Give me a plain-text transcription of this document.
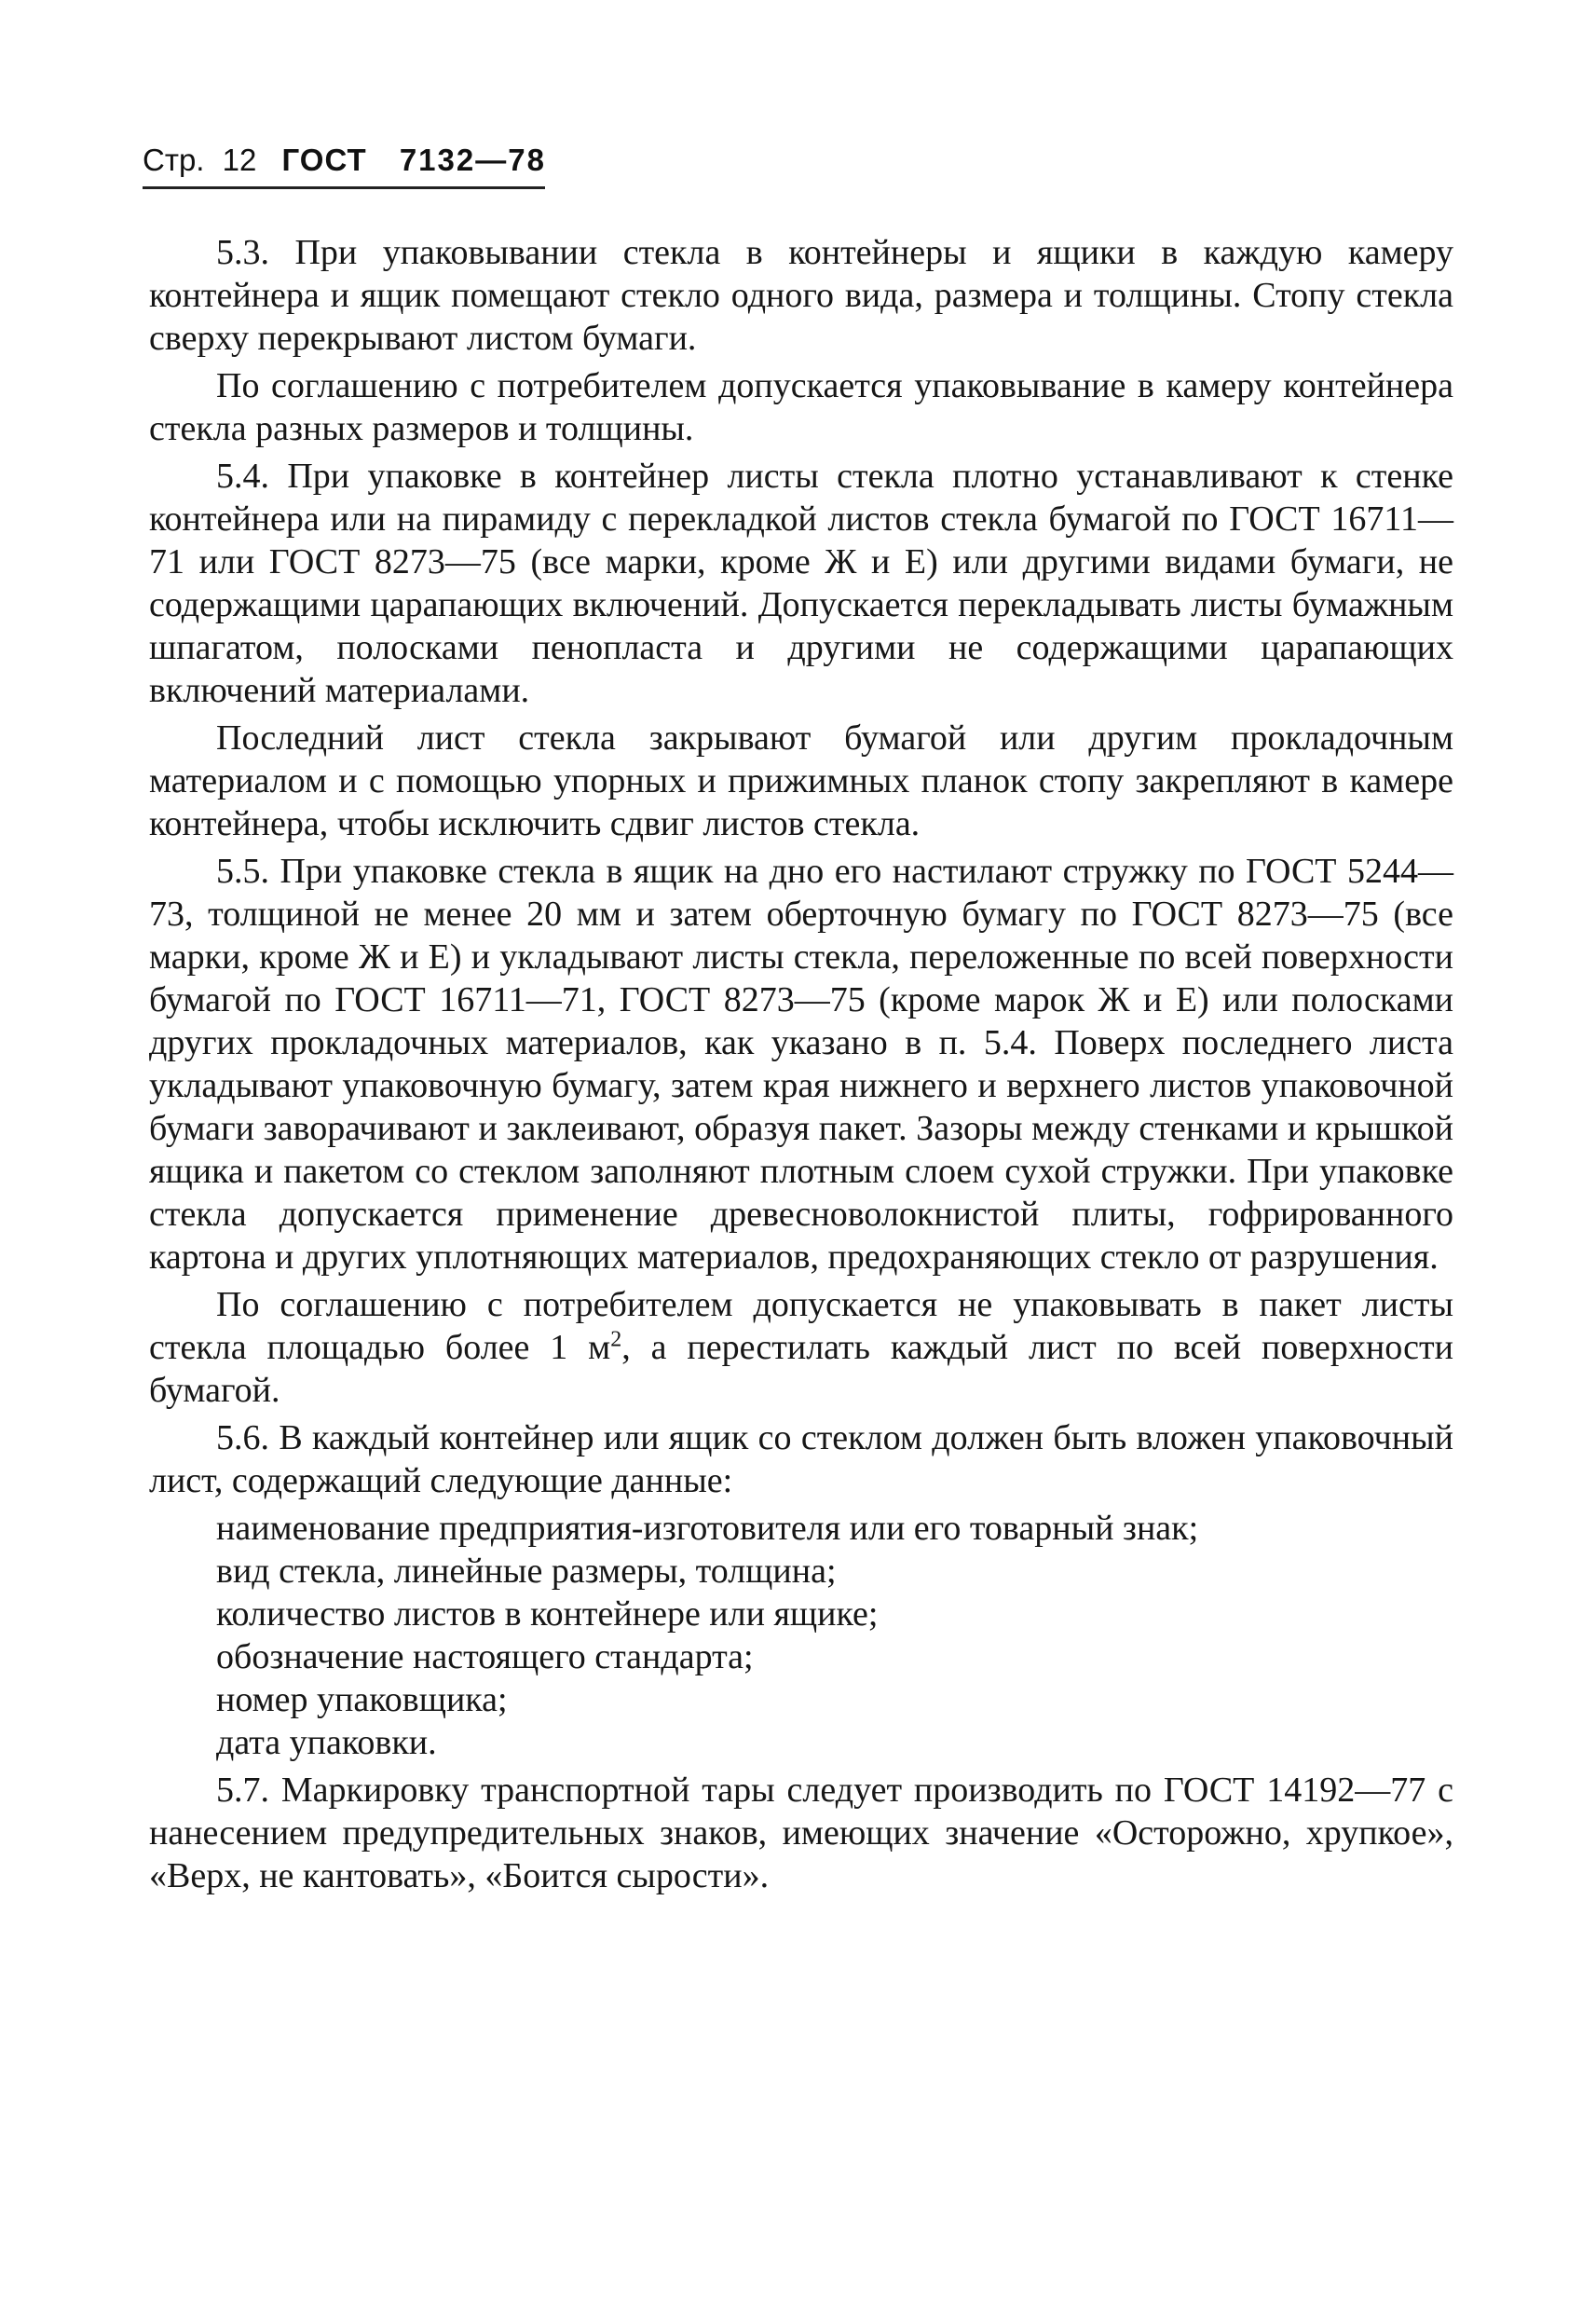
Стр. 12 ГОСТ 7132—78

5.3. При упаковывании стекла в контейнеры и ящики в каждую камеру контейнера и ящик помещают стекло одного вида, размера и толщины. Стопу стекла сверху перекрывают листом бумаги.

По соглашению с потребителем допускается упаковывание в камеру контейнера стекла разных размеров и толщины.

5.4. При упаковке в контейнер листы стекла плотно устанавливают к стенке контейнера или на пирамиду с перекладкой листов стекла бумагой по ГОСТ 16711—71 или ГОСТ 8273—75 (все марки, кроме Ж и Е) или другими видами бумаги, не содержащими царапающих включений. Допускается перекладывать листы бумажным шпагатом, полосками пенопласта и другими не содержащими царапающих включений материалами.

Последний лист стекла закрывают бумагой или другим прокладочным материалом и с помощью упорных и прижимных планок стопу закрепляют в камере контейнера, чтобы исключить сдвиг листов стекла.

5.5. При упаковке стекла в ящик на дно его настилают стружку по ГОСТ 5244—73, толщиной не менее 20 мм и затем оберточную бумагу по ГОСТ 8273—75 (все марки, кроме Ж и Е) и укладывают листы стекла, переложенные по всей поверхности бумагой по ГОСТ 16711—71, ГОСТ 8273—75 (кроме марок Ж и Е) или полосками других прокладочных материалов, как указано в п. 5.4. Поверх последнего листа укладывают упаковочную бумагу, затем края нижнего и верхнего листов упаковочной бумаги заворачивают и заклеивают, образуя пакет. Зазоры между стенками и крышкой ящика и пакетом со стеклом заполняют плотным слоем сухой стружки. При упаковке стекла допускается применение древесноволокнистой плиты, гофрированного картона и других уплотняющих материалов, предохраняющих стекло от разрушения.

По соглашению с потребителем допускается не упаковывать в пакет листы стекла площадью более 1 $м^2$, а перестилать каждый лист по всей поверхности бумагой.

5.6. В каждый контейнер или ящик со стеклом должен быть вложен упаковочный лист, содержащий следующие данные:

наименование предприятия-изготовителя или его товарный знак;

вид стекла, линейные размеры, толщина;

количество листов в контейнере или ящике;

обозначение настоящего стандарта;

номер упаковщика;

дата упаковки.

5.7. Маркировку транспортной тары следует производить по ГОСТ 14192—77 с нанесением предупредительных знаков, имеющих значение «Осторожно, хрупкое», «Верх, не кантовать», «Боится сырости».
